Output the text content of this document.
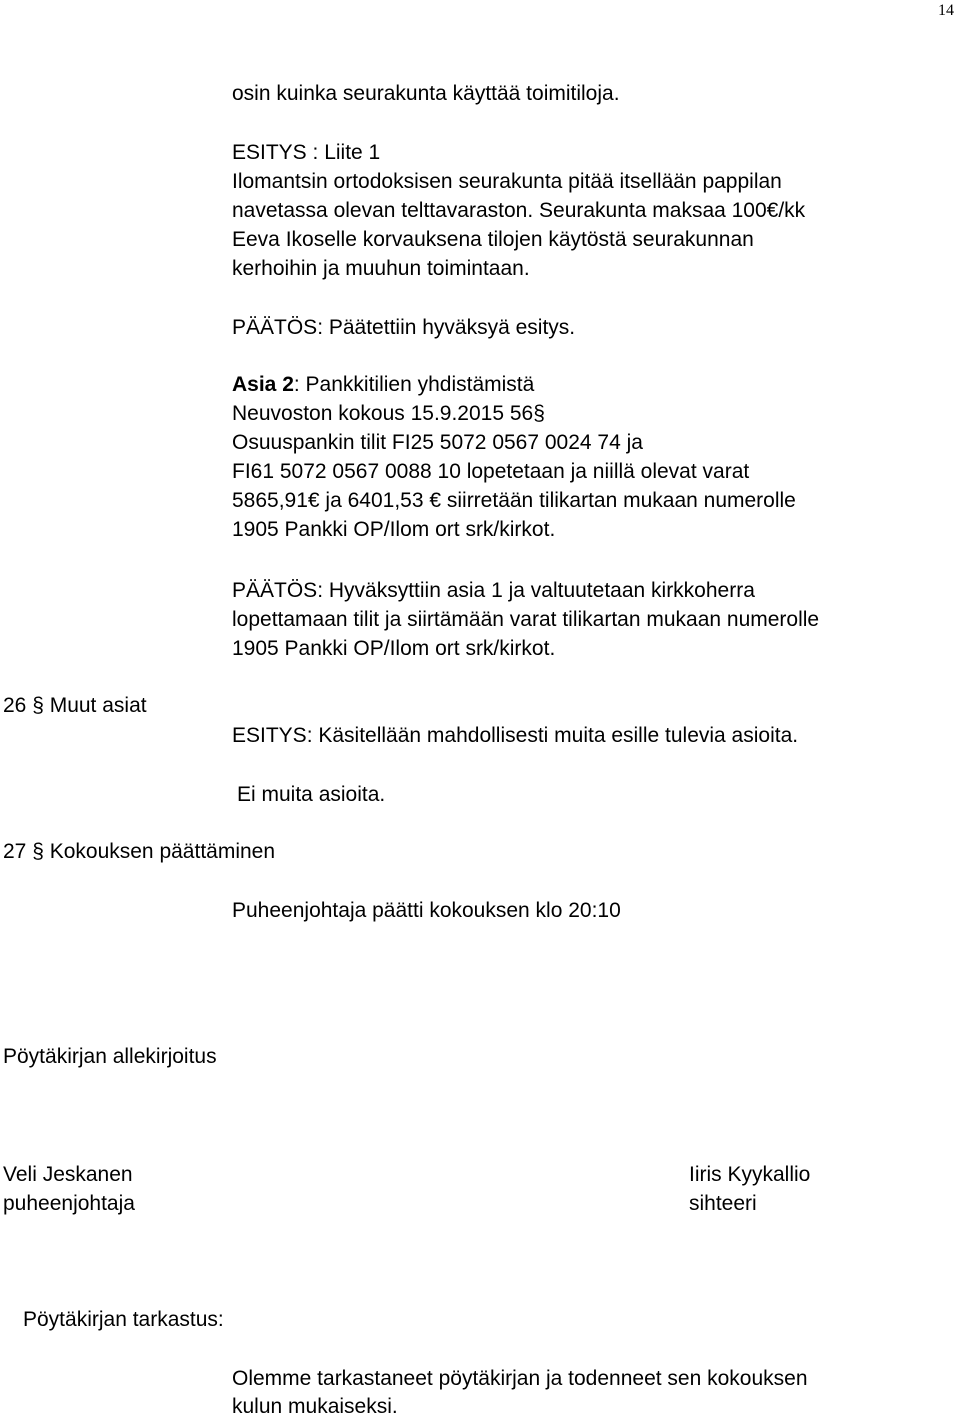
14
osin kuinka seurakunta käyttää toimitiloja.
ESITYS : Liite 1
Ilomantsin ortodoksisen seurakunta pitää itsellään pappilan
navetassa olevan telttavaraston. Seurakunta maksaa 100€/kk
Eeva Ikoselle korvauksena tilojen käytöstä seurakunnan
kerhoihin ja muuhun toimintaan.
PÄÄTÖS: Päätettiin hyväksyä esitys.
Asia 2: Pankkitilien yhdistämistä
Neuvoston kokous 15.9.2015 56§
Osuuspankin tilit FI25 5072 0567 0024 74 ja
FI61 5072 0567 0088 10 lopetetaan ja niillä olevat varat
5865,91€ ja 6401,53 € siirretään tilikartan mukaan numerolle
1905 Pankki OP/Ilom ort srk/kirkot.
PÄÄTÖS: Hyväksyttiin asia 1 ja valtuutetaan kirkkoherra
lopettamaan tilit ja siirtämään varat tilikartan mukaan numerolle
1905 Pankki OP/Ilom ort srk/kirkot.
26 § Muut asiat
ESITYS: Käsitellään mahdollisesti muita esille tulevia asioita.
Ei muita asioita.
27 § Kokouksen päättäminen
Puheenjohtaja päätti kokouksen klo 20:10
Pöytäkirjan allekirjoitus
Veli Jeskanen
puheenjohtaja
Iiris Kyykallio
sihteeri
Pöytäkirjan tarkastus:
Olemme tarkastaneet pöytäkirjan ja todenneet sen kokouksen
kulun mukaiseksi.
